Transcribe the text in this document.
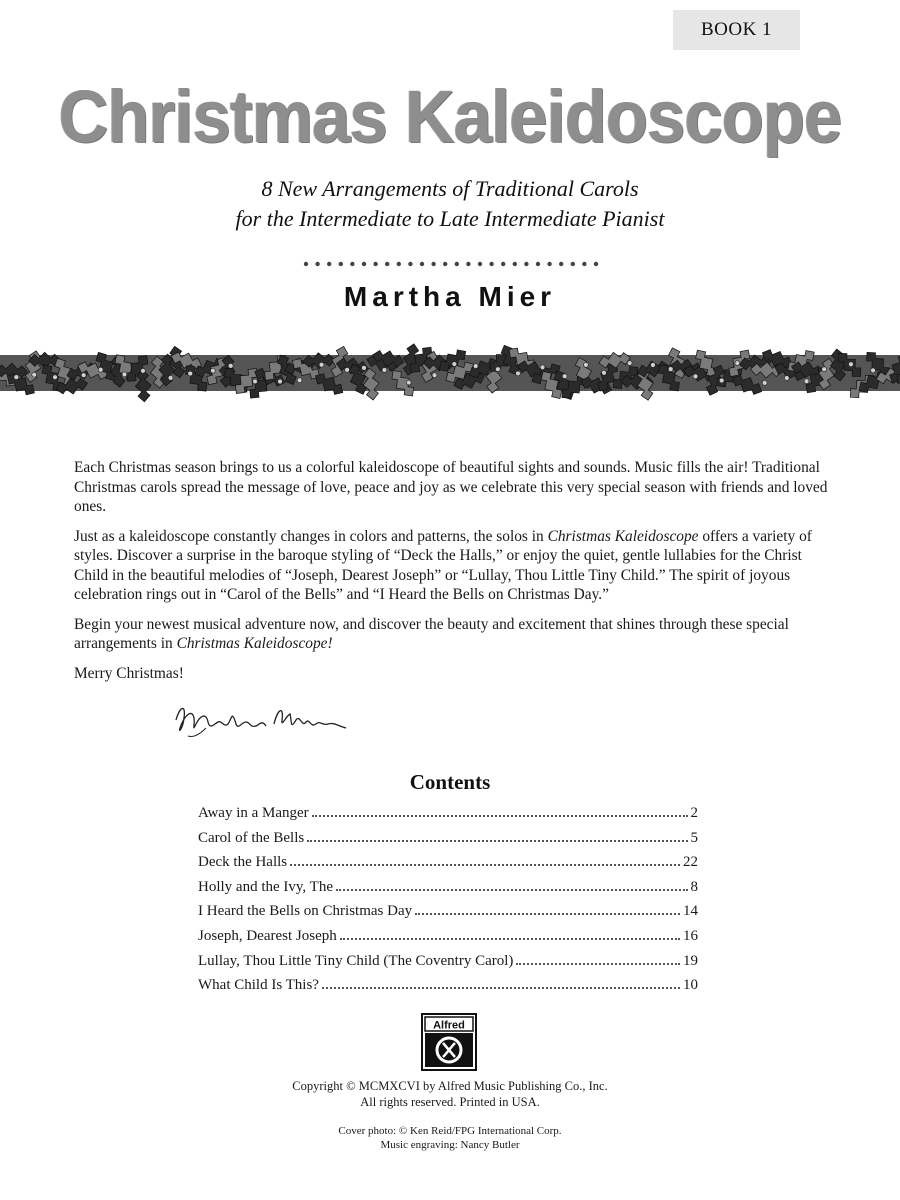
BOOK 1
Christmas Kaleidoscope
8 New Arrangements of Traditional Carols
for the Intermediate to Late Intermediate Pianist
Martha Mier

Each Christmas season brings to us a colorful kaleidoscope of beautiful sights and sounds. Music fills the air! Traditional Christmas carols spread the message of love, peace and joy as we celebrate this very special season with friends and loved ones.

Just as a kaleidoscope constantly changes in colors and patterns, the solos in Christmas Kaleidoscope offers a variety of styles. Discover a surprise in the baroque styling of “Deck the Halls,” or enjoy the quiet, gentle lullabies for the Christ Child in the beautiful melodies of “Joseph, Dearest Joseph” or “Lullay, Thou Little Tiny Child.” The spirit of joyous celebration rings out in “Carol of the Bells” and “I Heard the Bells on Christmas Day.”

Begin your newest musical adventure now, and discover the beauty and excitement that shines through these special arrangements in Christmas Kaleidoscope!

Merry Christmas!

Contents
Away in a Manger	2
Carol of the Bells	5
Deck the Halls	22
Holly and the Ivy, The	8
I Heard the Bells on Christmas Day	14
Joseph, Dearest Joseph	16
Lullay, Thou Little Tiny Child (The Coventry Carol)	19
What Child Is This?	10
Alfred
Copyright © MCMXCVI by Alfred Music Publishing Co., Inc.
All rights reserved. Printed in USA.
Cover photo: © Ken Reid/FPG International Corp.
Music engraving: Nancy Butler
